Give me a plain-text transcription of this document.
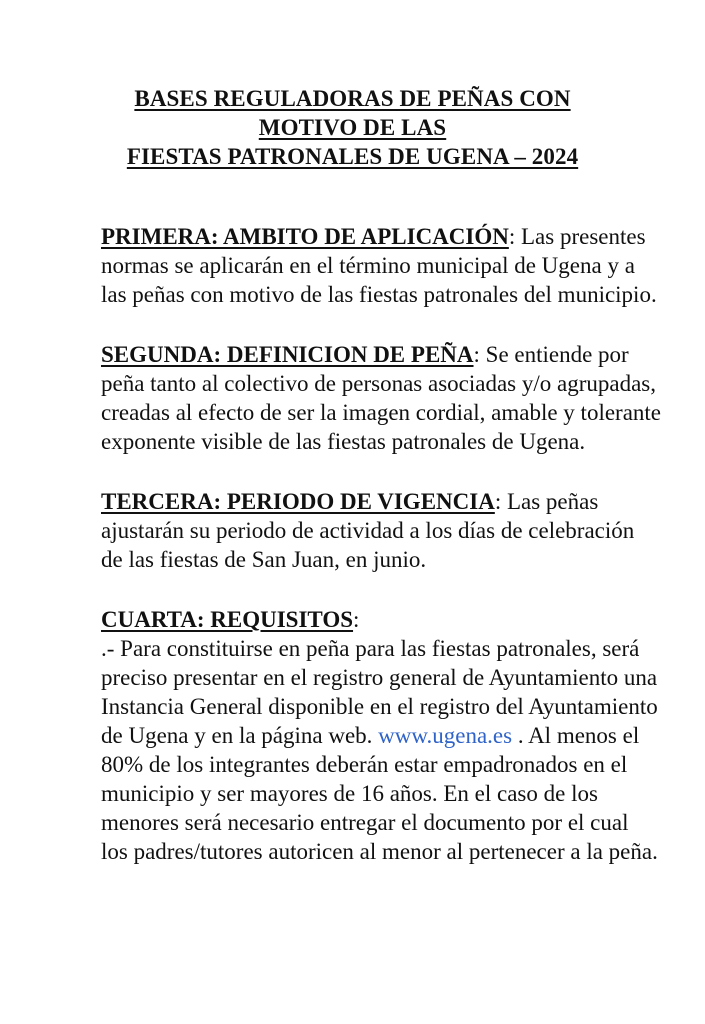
BASES REGULADORAS DE PEÑAS CON
MOTIVO DE LAS
FIESTAS PATRONALES DE UGENA – 2024
PRIMERA: AMBITO DE APLICACIÓN: Las presentes normas se aplicarán en el término municipal de Ugena y a las peñas con motivo de las fiestas patronales del municipio.
SEGUNDA: DEFINICION DE PEÑA: Se entiende por peña tanto al colectivo de personas asociadas y/o agrupadas, creadas al efecto de ser la imagen cordial, amable y tolerante exponente visible de las fiestas patronales de Ugena.
TERCERA: PERIODO DE VIGENCIA: Las peñas ajustarán su periodo de actividad a los días de celebración de las fiestas de San Juan, en junio.
CUARTA: REQUISITOS:
.- Para constituirse en peña para las fiestas patronales, será preciso presentar en el registro general de Ayuntamiento una Instancia General disponible en el registro del Ayuntamiento de Ugena y en la página web. www.ugena.es . Al menos el 80% de los integrantes deberán estar empadronados en el municipio y ser mayores de 16 años. En el caso de los menores será necesario entregar el documento por el cual los padres/tutores autoricen al menor al pertenecer a la peña.
